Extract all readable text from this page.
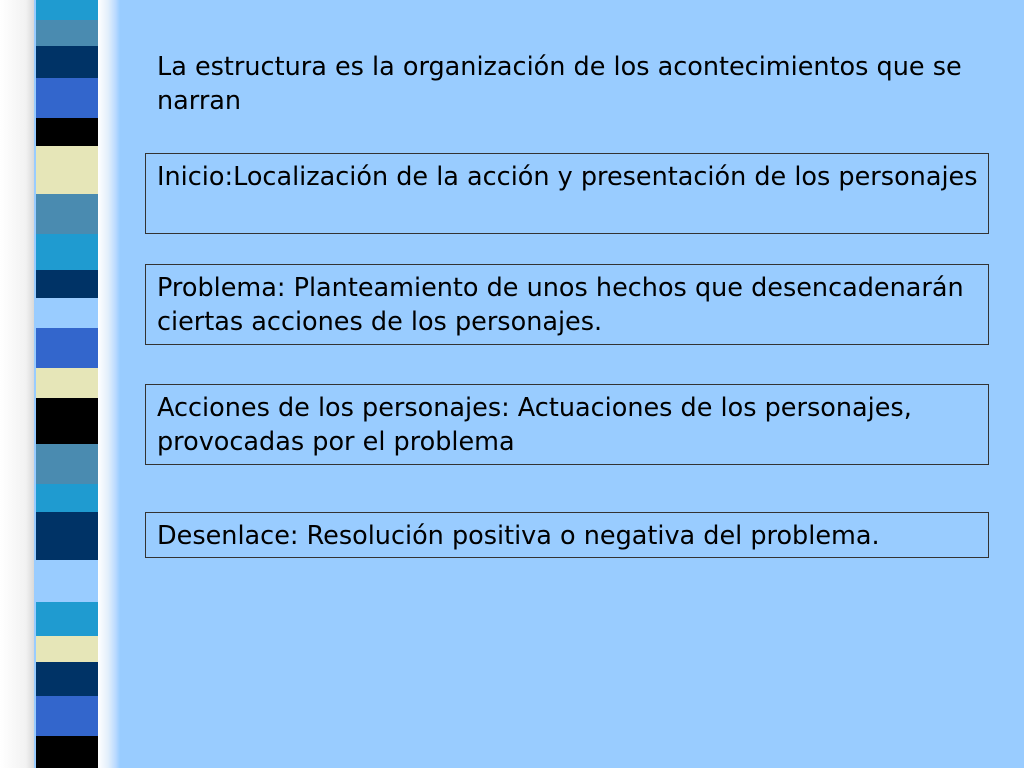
La estructura es la organización de los acontecimientos que se narran

Inicio:Localización de la acción y presentación de los personajes
Problema: Planteamiento de unos hechos que desencadenarán ciertas acciones de los personajes.
Acciones de los personajes: Actuaciones de los personajes, provocadas por el problema
Desenlace: Resolución positiva o negativa del problema.
